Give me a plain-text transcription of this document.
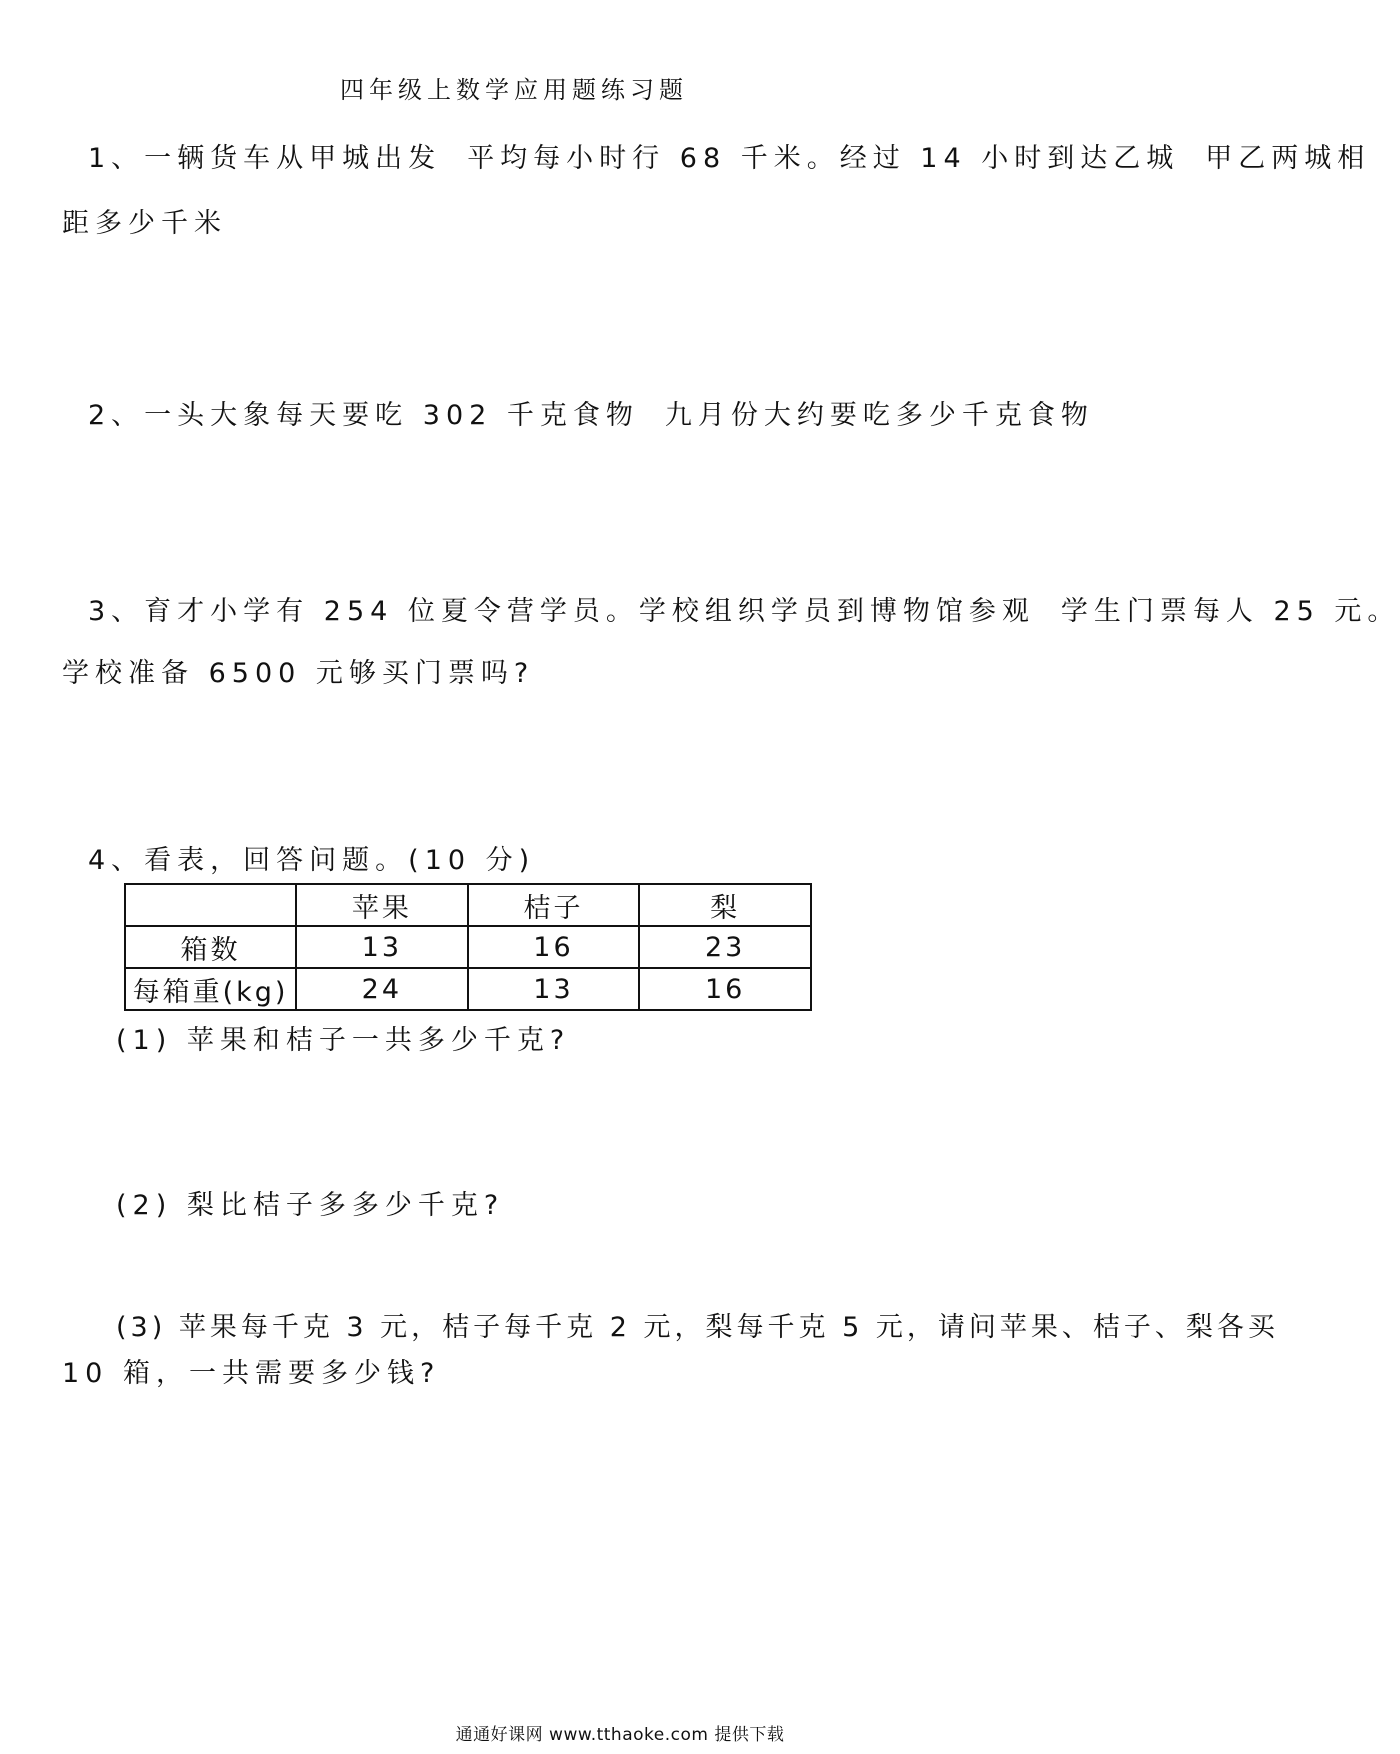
四年级上数学应用题练习题
1、一辆货车从甲城出发 平均每小时行 68 千米。经过 14 小时到达乙城 甲乙两城相
距多少千米
2、一头大象每天要吃 302 千克食物 九月份大约要吃多少千克食物
3、育才小学有 254 位夏令营学员。学校组织学员到博物馆参观 学生门票每人 25 元。
学校准备 6500 元够买门票吗?
4、看表，回答问题。(10 分)
	苹果	桔子	梨
箱数	13	16	23
每箱重(kg)	24	13	16
(1) 苹果和桔子一共多少千克?
(2) 梨比桔子多多少千克?
(3) 苹果每千克 3 元，桔子每千克 2 元，梨每千克 5 元，请问苹果、桔子、梨各买
10 箱，一共需要多少钱?
通通好课网 www.tthaoke.com 提供下载
